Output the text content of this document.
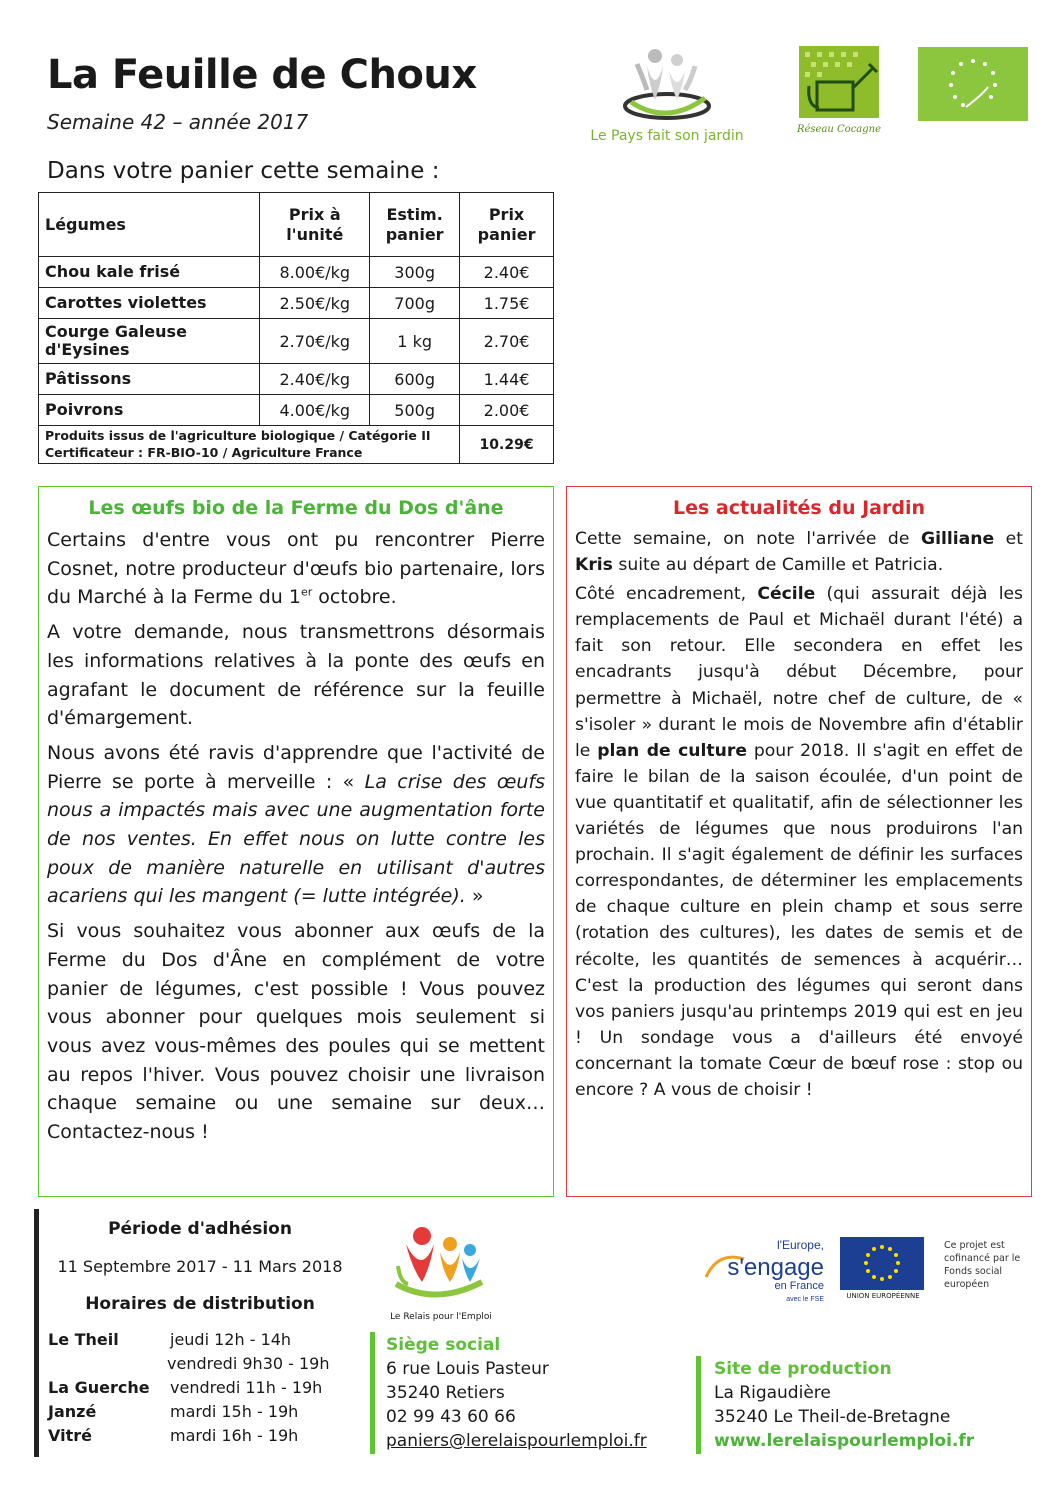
La Feuille de Choux
Semaine 42 – année 2017
Dans votre panier cette semaine :
Le Pays fait son jardin	Réseau Cocagne
Légumes	Prix à l'unité	Estim. panier	Prix panier
Chou kale frisé	8.00€/kg	300g	2.40€
Carottes violettes	2.50€/kg	700g	1.75€
Courge Galeuse d'Eysines	2.70€/kg	1 kg	2.70€
Pâtissons	2.40€/kg	600g	1.44€
Poivrons	4.00€/kg	500g	2.00€
Produits issus de l'agriculture biologique / Catégorie II
Certificateur : FR-BIO-10 / Agriculture France			10.29€
Les œufs bio de la Ferme du Dos d'âne

Certains d'entre vous ont pu rencontrer Pierre Cosnet, notre producteur d'œufs bio partenaire, lors du Marché à la Ferme du 1er octobre.

A votre demande, nous transmettrons désormais les informations relatives à la ponte des œufs en agrafant le document de référence sur la feuille d'émargement.

Nous avons été ravis d'apprendre que l'activité de Pierre se porte à merveille : « La crise des œufs nous a impactés mais avec une augmentation forte de nos ventes. En effet nous on lutte contre les poux de manière naturelle en utilisant d'autres acariens qui les mangent (= lutte intégrée). »

Si vous souhaitez vous abonner aux œufs de la Ferme du Dos d'Âne en complément de votre panier de légumes, c'est possible ! Vous pouvez vous abonner pour quelques mois seulement si vous avez vous-mêmes des poules qui se mettent au repos l'hiver. Vous pouvez choisir une livraison chaque semaine ou une semaine sur deux… Contactez-nous !

Les actualités du Jardin

Cette semaine, on note l'arrivée de Gilliane et Kris suite au départ de Camille et Patricia.

Côté encadrement, Cécile (qui assurait déjà les remplacements de Paul et Michaël durant l'été) a fait son retour. Elle secondera en effet les encadrants jusqu'à début Décembre, pour permettre à Michaël, notre chef de culture, de « s'isoler » durant le mois de Novembre afin d'établir le plan de culture pour 2018. Il s'agit en effet de faire le bilan de la saison écoulée, d'un point de vue quantitatif et qualitatif, afin de sélectionner les variétés de légumes que nous produirons l'an prochain. Il s'agit également de définir les surfaces correspondantes, de déterminer les emplacements de chaque culture en plein champ et sous serre (rotation des cultures), les dates de semis et de récolte, les quantités de semences à acquérir… C'est la production des légumes qui seront dans vos paniers jusqu'au printemps 2019 qui est en jeu ! Un sondage vous a d'ailleurs été envoyé concernant la tomate Cœur de bœuf rose : stop ou encore ? A vous de choisir !

Période d'adhésion
11 Septembre 2017 - 11 Mars 2018
Horaires de distribution
Le Theil	jeudi 12h - 14h
vendredi 9h30 - 19h
La Guerche	vendredi 11h - 19h
Janzé	mardi 15h - 19h
Vitré	mardi 16h - 19h
Le Relais pour l'Emploi
Siège social
6 rue Louis Pasteur
35240 Retiers
02 99 43 60 66
paniers@lerelaispourlemploi.fr
Site de production
La Rigaudière
35240 Le Theil-de-Bretagne
www.lerelaispourlemploi.fr
l'Europe,
s'engage
en France
avec le FSE	UNION EUROPÉENNE
Ce projet est cofinancé par le Fonds social européen
